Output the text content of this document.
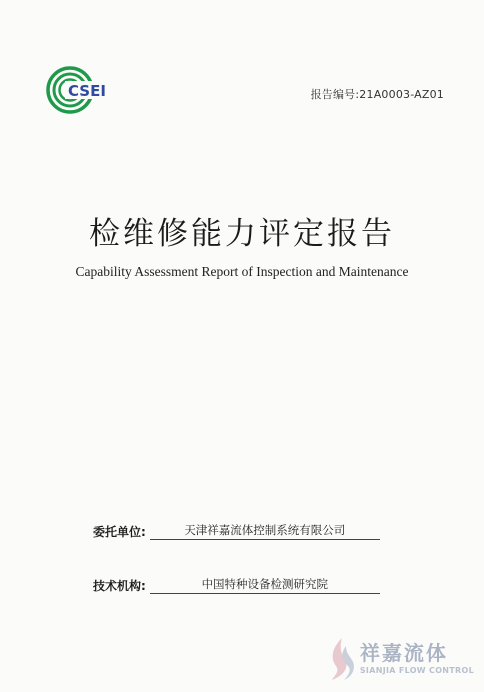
CSEI	报告编号:21A0003-AZ01
检维修能力评定报告
Capability Assessment Report of Inspection and Maintenance
委托单位:	天津祥嘉流体控制系统有限公司
技术机构:	中国特种设备检测研究院
祥嘉流体
SIANJIA FLOW CONTROL
